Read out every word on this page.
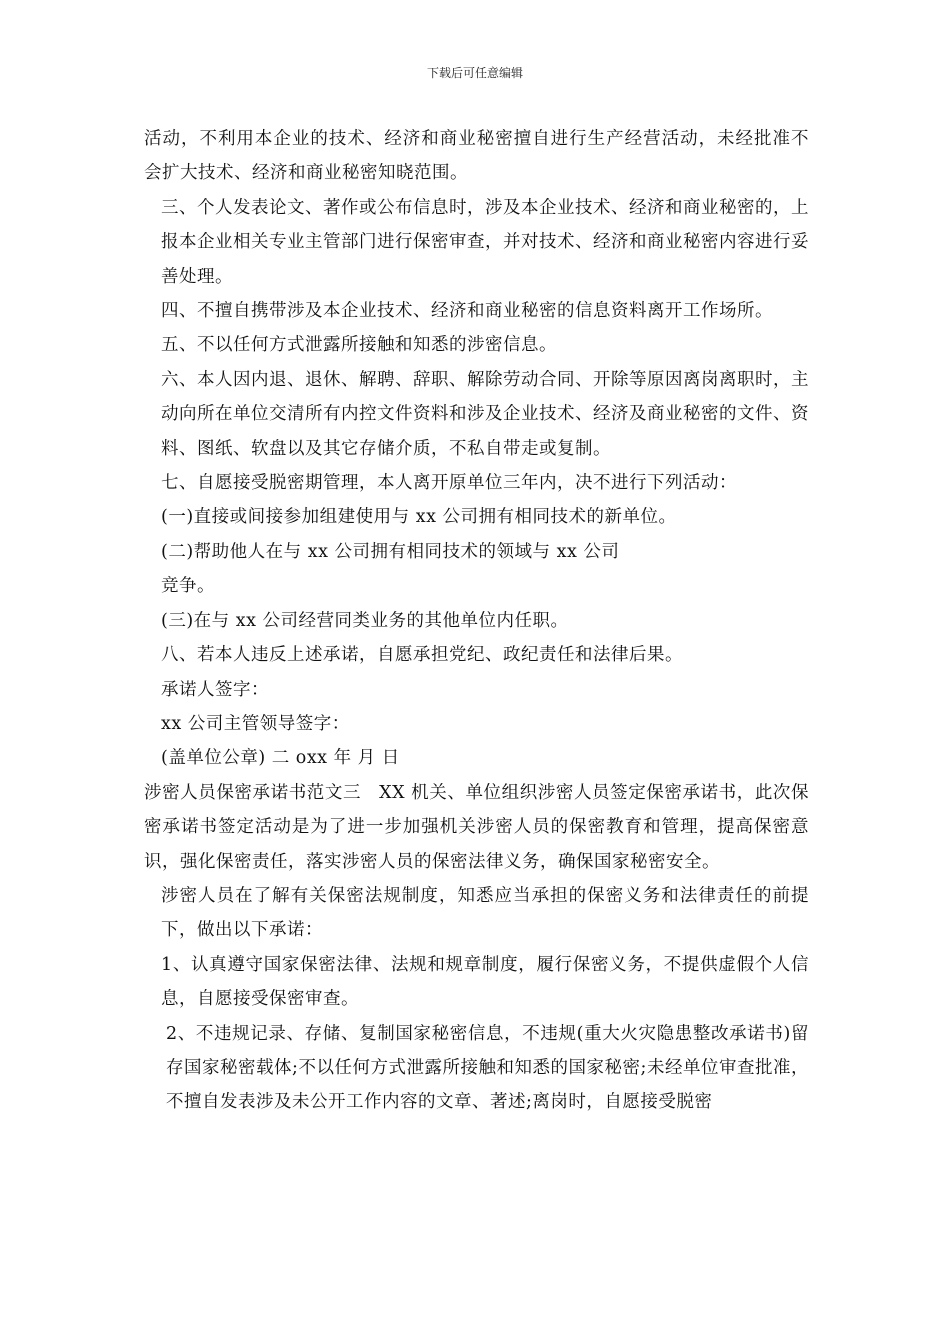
下载后可任意编辑

活动，不利用本企业的技术、经济和商业秘密擅自进行生产经营活动，未经批准不会扩大技术、经济和商业秘密知晓范围。

三、个人发表论文、著作或公布信息时，涉及本企业技术、经济和商业秘密的，上报本企业相关专业主管部门进行保密审查，并对技术、经济和商业秘密内容进行妥善处理。

四、不擅自携带涉及本企业技术、经济和商业秘密的信息资料离开工作场所。

五、不以任何方式泄露所接触和知悉的涉密信息。

六、本人因内退、退休、解聘、辞职、解除劳动合同、开除等原因离岗离职时，主动向所在单位交清所有内控文件资料和涉及企业技术、经济及商业秘密的文件、资料、图纸、软盘以及其它存储介质，不私自带走或复制。

七、自愿接受脱密期管理，本人离开原单位三年内，决不进行下列活动：

(一)直接或间接参加组建使用与 xx 公司拥有相同技术的新单位。

(二)帮助他人在与 xx 公司拥有相同技术的领域与 xx 公司

竞争。

(三)在与 xx 公司经营同类业务的其他单位内任职。

八、若本人违反上述承诺，自愿承担党纪、政纪责任和法律后果。

承诺人签字：

xx 公司主管领导签字：

(盖单位公章) 二 oxx 年 月 日

涉密人员保密承诺书范文三　XX 机关、单位组织涉密人员签定保密承诺书，此次保密承诺书签定活动是为了进一步加强机关涉密人员的保密教育和管理，提高保密意识，强化保密责任，落实涉密人员的保密法律义务，确保国家秘密安全。

涉密人员在了解有关保密法规制度，知悉应当承担的保密义务和法律责任的前提下，做出以下承诺：

1、认真遵守国家保密法律、法规和规章制度，履行保密义务，不提供虚假个人信息，自愿接受保密审查。

2、不违规记录、存储、复制国家秘密信息，不违规(重大火灾隐患整改承诺书)留存国家秘密载体;不以任何方式泄露所接触和知悉的国家秘密;未经单位审查批准，不擅自发表涉及未公开工作内容的文章、著述;离岗时，自愿接受脱密
